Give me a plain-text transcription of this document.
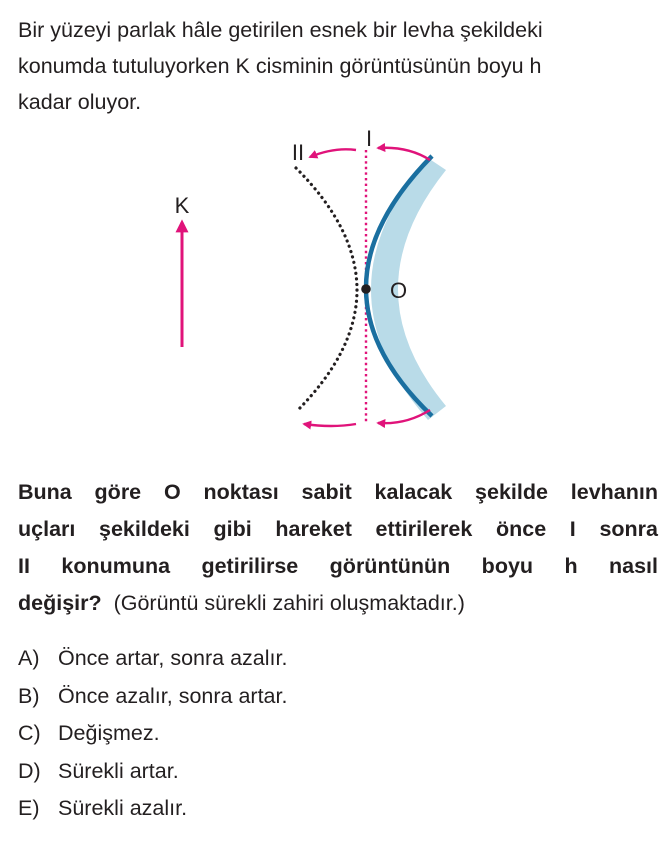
Bir yüzeyi parlak hâle getirilen esnek bir levha şekildeki
konumda tutuluyorken K cisminin görüntüsünün boyu h
kadar oluyor.

K
O
I
II

Buna göre O noktası sabit kalacak şekilde levhanın
uçları şekildeki gibi hareket ettirilerek önce I sonra
II konumuna getirilirse görüntünün boyu h nasıl
değişir? (Görüntü sürekli zahiri oluşmaktadır.)

A) Önce artar, sonra azalır.
B) Önce azalır, sonra artar.
C) Değişmez.
D) Sürekli artar.
E) Sürekli azalır.
